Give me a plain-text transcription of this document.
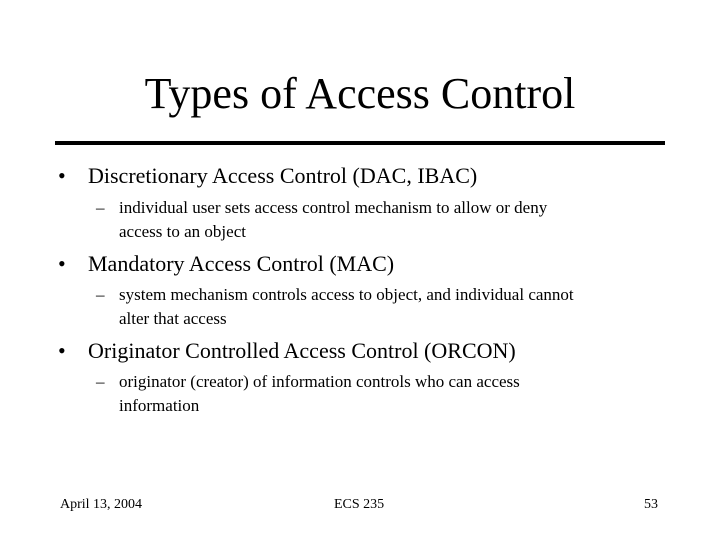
Types of Access Control
• Discretionary Access Control (DAC, IBAC)
– individual user sets access control mechanism to allow or deny
access to an object
• Mandatory Access Control (MAC)
– system mechanism controls access to object, and individual cannot
alter that access
• Originator Controlled Access Control (ORCON)
– originator (creator) of information controls who can access
information
April 13, 2004	ECS 235	53
